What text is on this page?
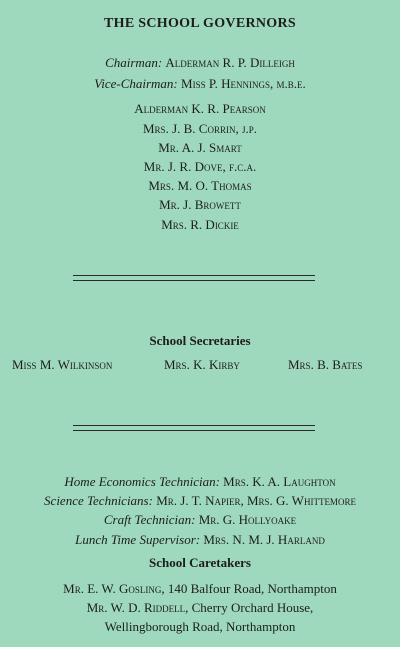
THE SCHOOL GOVERNORS
Chairman: Alderman R. P. Dilleigh
Vice-Chairman: Miss P. Hennings, m.b.e.
Alderman K. R. Pearson
Mrs. J. B. Corrin, j.p.
Mr. A. J. Smart
Mr. J. R. Dove, f.c.a.
Mrs. M. O. Thomas
Mr. J. Browett
Mrs. R. Dickie
School Secretaries
Miss M. Wilkinson	Mrs. K. Kirby	Mrs. B. Bates
Home Economics Technician: Mrs. K. A. Laughton
Science Technicians: Mr. J. T. Napier, Mrs. G. Whittemore
Craft Technician: Mr. G. Hollyoake
Lunch Time Supervisor: Mrs. N. M. J. Harland
School Caretakers
Mr. E. W. Gosling, 140 Balfour Road, Northampton
Mr. W. D. Riddell, Cherry Orchard House,
Wellingborough Road, Northampton
